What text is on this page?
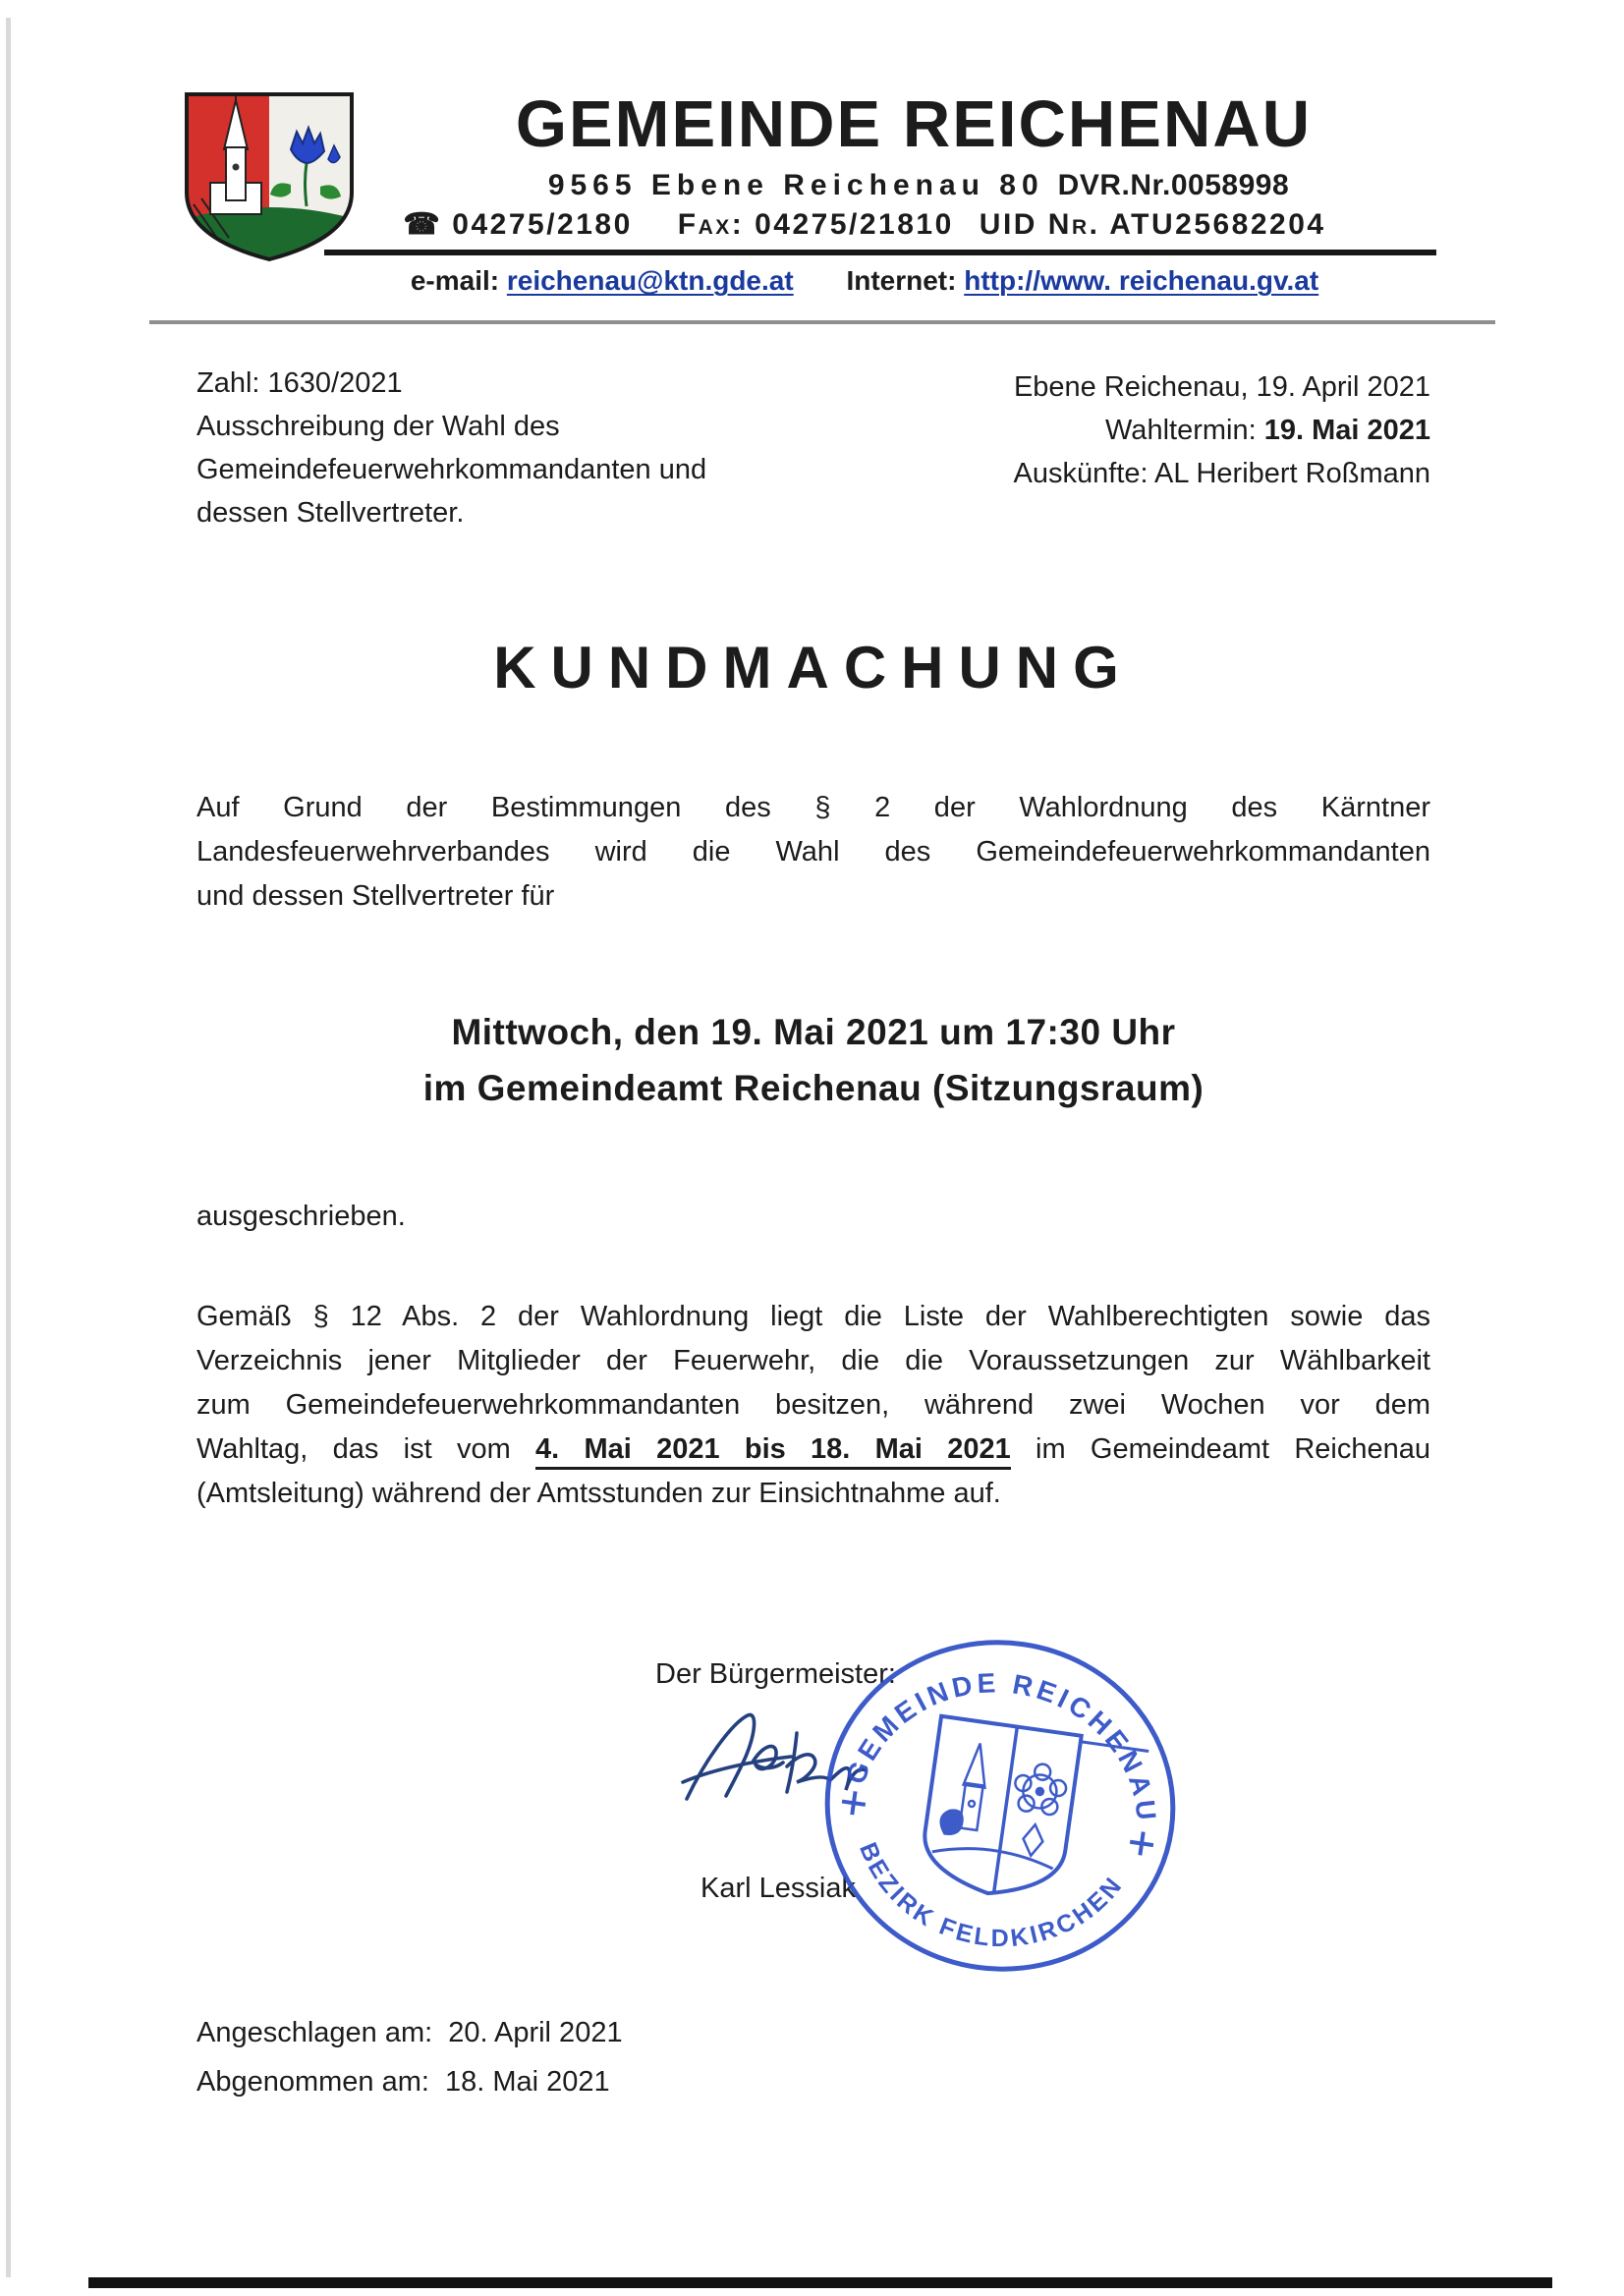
GEMEINDE REICHENAU
9565 Ebene Reichenau 80 DVR.Nr.0058998
☎ 04275/2180 Fax: 04275/21810 UID Nr. ATU25682204
e-mail: reichenau@ktn.gde.at Internet: http://www. reichenau.gv.at
Zahl: 1630/2021
Ausschreibung der Wahl des
Gemeindefeuerwehrkommandanten und
dessen Stellvertreter.
Ebene Reichenau, 19. April 2021
Wahltermin: 19. Mai 2021
Auskünfte: AL Heribert Roßmann
KUNDMACHUNG
Auf Grund der Bestimmungen des § 2 der Wahlordnung des Kärntner
Landesfeuerwehrverbandes wird die Wahl des Gemeindefeuerwehrkommandanten
und dessen Stellvertreter für
Mittwoch, den 19. Mai 2021 um 17:30 Uhr
im Gemeindeamt Reichenau (Sitzungsraum)
ausgeschrieben.
Gemäß § 12 Abs. 2 der Wahlordnung liegt die Liste der Wahlberechtigten sowie das
Verzeichnis jener Mitglieder der Feuerwehr, die die Voraussetzungen zur Wählbarkeit
zum Gemeindefeuerwehrkommandanten besitzen, während zwei Wochen vor dem
Wahltag, das ist vom 4. Mai 2021 bis 18. Mai 2021 im Gemeindeamt Reichenau
(Amtsleitung) während der Amtsstunden zur Einsichtnahme auf.
Der Bürgermeister:
Karl Lessiak
GEMEINDE REICHENAU
BEZIRK FELDKIRCHEN
Angeschlagen am: 20. April 2021
Abgenommen am: 18. Mai 2021
